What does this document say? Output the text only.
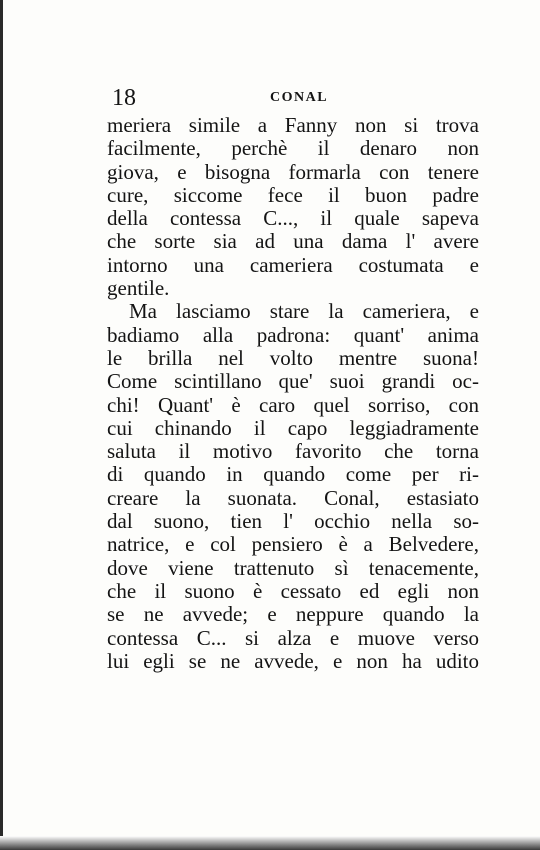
18	CONAL
meriera simile a Fanny non si trova
facilmente, perchè il denaro non
giova, e bisogna formarla con tenere
cure, siccome fece il buon padre
della contessa C..., il quale sapeva
che sorte sia ad una dama l' avere
intorno una cameriera costumata e
gentile.
Ma lasciamo stare la cameriera, e
badiamo alla padrona: quant' anima
le brilla nel volto mentre suona!
Come scintillano que' suoi grandi oc-
chi! Quant' è caro quel sorriso, con
cui chinando il capo leggiadramente
saluta il motivo favorito che torna
di quando in quando come per ri-
creare la suonata. Conal, estasiato
dal suono, tien l' occhio nella so-
natrice, e col pensiero è a Belvedere,
dove viene trattenuto sì tenacemente,
che il suono è cessato ed egli non
se ne avvede; e neppure quando la
contessa C... si alza e muove verso
lui egli se ne avvede, e non ha udito
